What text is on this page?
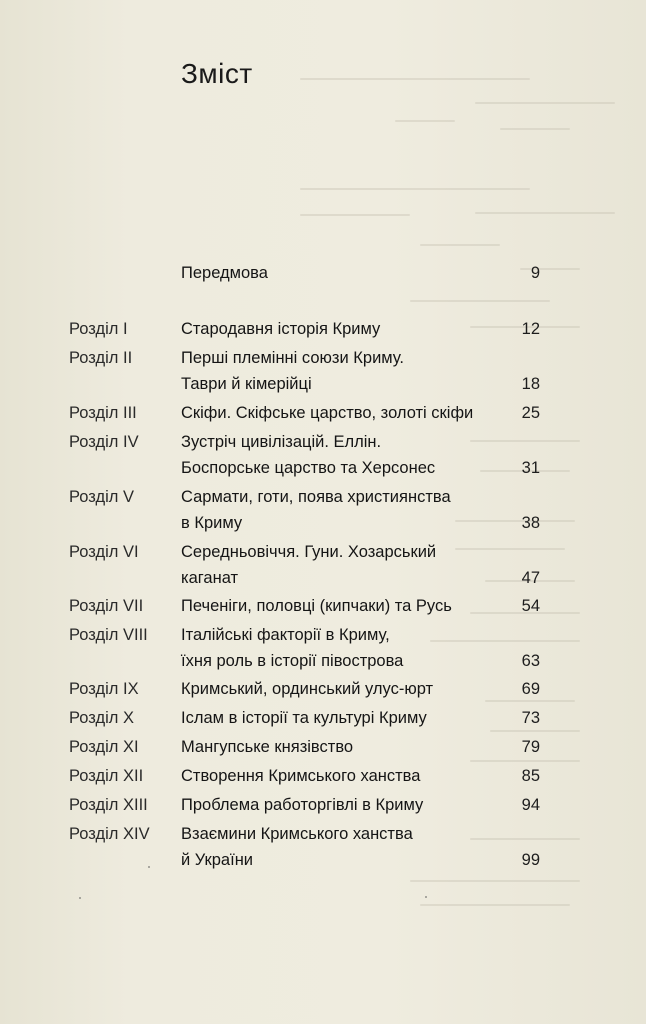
Зміст
Передмова	9
Розділ I	Стародавня історія Криму	12
Розділ II	Перші племінні союзи Криму.
Таври й кімерійці	18
Розділ III	Скіфи. Скіфське царство, золоті скіфи	25
Розділ IV	Зустріч цивілізацій. Еллін.
Боспорське царство та Херсонес	31
Розділ V	Сармати, готи, поява християнства
в Криму	38
Розділ VI	Середньовіччя. Гуни. Хозарський
каганат	47
Розділ VII Печеніги, половці (кипчаки) та Русь	54
Розділ VIII Італійські факторії в Криму,
їхня роль в історії півострова	63
Розділ IX	Кримський, ординський улус-юрт	69
Розділ X	Іслам в історії та культурі Криму	73
Розділ XI	Мангупське князівство	79
Розділ XII Створення Кримського ханства	85
Розділ XIII Проблема работоргівлі в Криму	94
Розділ XIV Взаємини Кримського ханства
й України	99
